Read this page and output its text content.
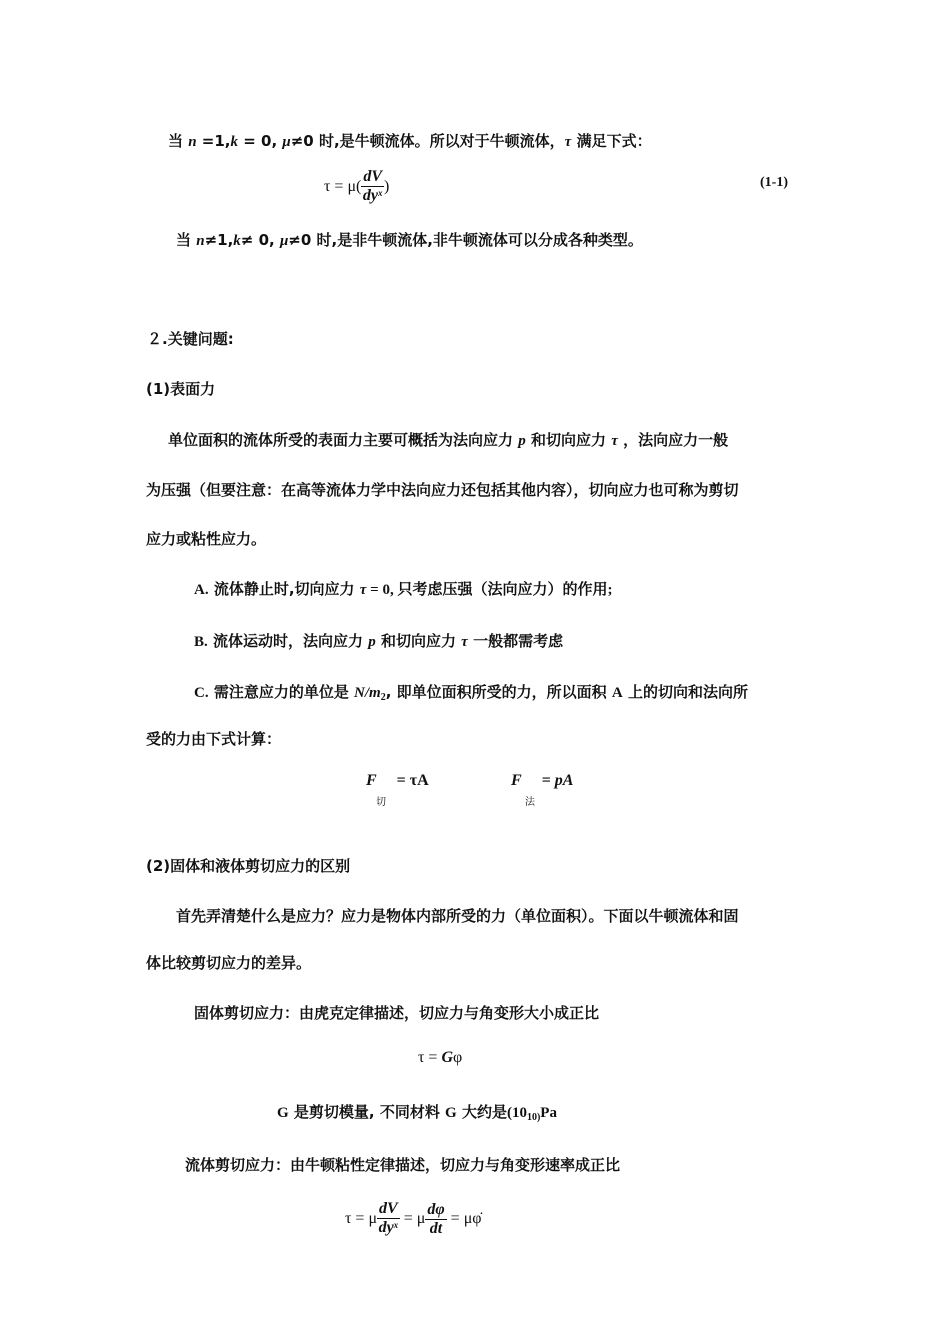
当 n =1,k = 0, μ≠0 时,是牛顿流体。所以对于牛顿流体，τ 满足下式：
$\tau = \mu( \frac{dV}{dy^x}$ )	(1-1)
当 n≠1,k≠ 0, μ≠0 时,是非牛顿流体,非牛顿流体可以分成各种类型。
２.关键问题:
(1)表面力
单位面积的流体所受的表面力主要可概括为法向应力 p 和切向应力 τ ，法向应力一般
为压强（但要注意：在高等流体力学中法向应力还包括其他内容），切向应力也可称为剪切
应力或粘性应力。
A. 流体静止时,切向应力 τ = 0, 只考虑压强（法向应力）的作用;
B. 流体运动时，法向应力 p 和切向应力 τ 一般都需考虑
C. 需注意应力的单位是 $N/m_2$, 即单位面积所受的力，所以面积 A 上的切向和法向所
受的力由下式计算：
F = τA
切
F = pA
法
(2)固体和液体剪切应力的区别
首先弄清楚什么是应力？应力是物体内部所受的力（单位面积）。下面以牛顿流体和固
体比较剪切应力的差异。
固体剪切应力：由虎克定律描述，切应力与角变形大小成正比
τ = Gφ
G 是剪切模量, 不同材料 G 大约是($10_{10)}Pa$
流体剪切应力：由牛顿粘性定律描述，切应力与角变形速率成正比
τ = μ $\frac{dV}{dy^x} = \mu \frac{d\varphi}{dt}$ = μφ̇
